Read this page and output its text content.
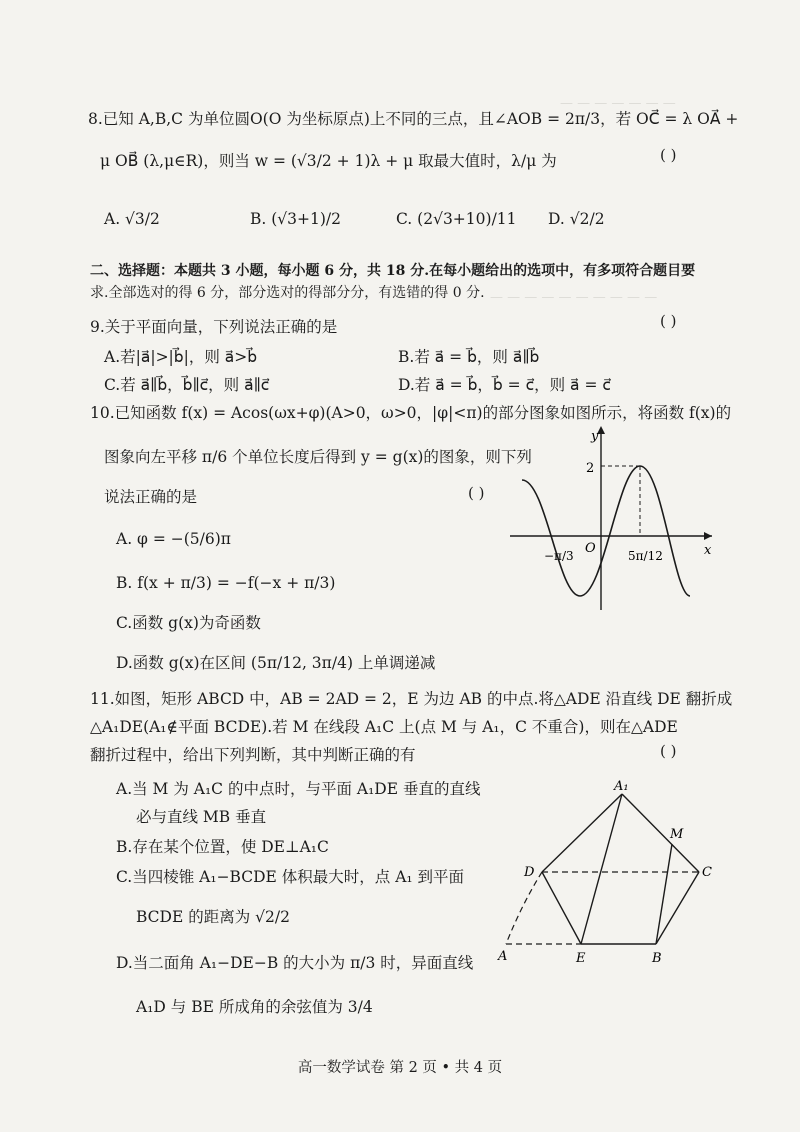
— — — — — — —
— — — — — — — — — —
8.已知 A,B,C 为单位圆O(O 为坐标原点)上不同的三点，且∠AOB = 2π/3，若 OC⃗ = λ OA⃗ +
μ OB⃗ (λ,μ∈R)，则当 w = (√3/2 + 1)λ + μ 取最大值时，λ/μ 为	( )
A. √3/2	B. (√3+1)/2	C. (2√3+10)/11 D. √2/2
二、选择题：本题共 3 小题，每小题 6 分，共 18 分.在每小题给出的选项中，有多项符合题目要
求.全部选对的得 6 分，部分选对的得部分分，有选错的得 0 分.
9.关于平面向量，下列说法正确的是	( )
A.若|a⃗|>|b⃗|，则 a⃗>b⃗	B.若 a⃗ = b⃗，则 a⃗∥b⃗
C.若 a⃗∥b⃗，b⃗∥c⃗，则 a⃗∥c⃗	D.若 a⃗ = b⃗，b⃗ = c⃗，则 a⃗ = c⃗
10.已知函数 f(x) = Acos(ωx+φ)(A>0，ω>0，|φ|<π)的部分图象如图所示，将函数 f(x)的
图象向左平移 π/6 个单位长度后得到 y = g(x)的图象，则下列
说法正确的是	( )
A. φ = −(5/6)π
B. f(x + π/3) = −f(−x + π/3)
C.函数 g(x)为奇函数
D.函数 g(x)在区间 (5π/12, 3π/4) 上单调递减
y
x
O
2
−π/3	5π/12
11.如图，矩形 ABCD 中，AB = 2AD = 2，E 为边 AB 的中点.将△ADE 沿直线 DE 翻折成
△A₁DE(A₁∉平面 BCDE).若 M 在线段 A₁C 上(点 M 与 A₁，C 不重合)，则在△ADE
翻折过程中，给出下列判断，其中判断正确的有	( )
A.当 M 为 A₁C 的中点时，与平面 A₁DE 垂直的直线
必与直线 MB 垂直
B.存在某个位置，使 DE⊥A₁C
C.当四棱锥 A₁−BCDE 体积最大时，点 A₁ 到平面
BCDE 的距离为 √2/2
D.当二面角 A₁−DE−B 的大小为 π/3 时，异面直线
A₁D 与 BE 所成角的余弦值为 3/4
A₁
M
D	C
A	E	B
高一数学试卷 第 2 页 • 共 4 页
